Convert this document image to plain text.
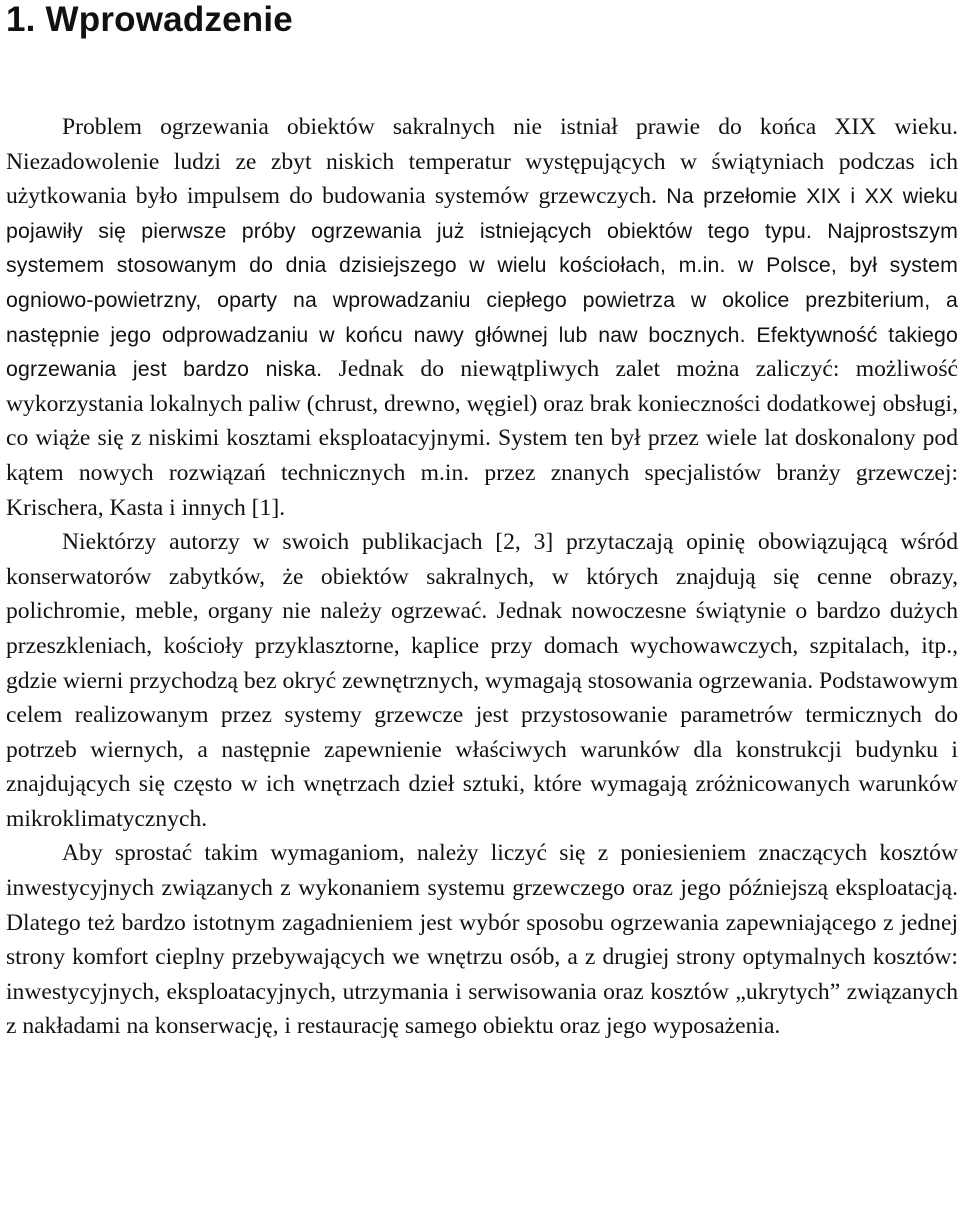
1. Wprowadzenie

Problem ogrzewania obiektów sakralnych nie istniał prawie do końca XIX wieku. Niezadowolenie ludzi ze zbyt niskich temperatur występujących w świątyniach podczas ich użytkowania było impulsem do budowania systemów grzewczych. Na przełomie XIX i XX wieku pojawiły się pierwsze próby ogrzewania już istniejących obiektów tego typu. Najprostszym systemem stosowanym do dnia dzisiejszego w wielu kościołach, m.in. w Polsce, był system ogniowo-powietrzny, oparty na wprowadzaniu ciepłego powietrza w okolice prezbiterium, a następnie jego odprowadzaniu w końcu nawy głównej lub naw bocznych. Efektywność takiego ogrzewania jest bardzo niska. Jednak do niewątpliwych zalet można zaliczyć: możliwość wykorzystania lokalnych paliw (chrust, drewno, węgiel) oraz brak konieczności dodatkowej obsługi, co wiąże się z niskimi kosztami eksploatacyjnymi. System ten był przez wiele lat doskonalony pod kątem nowych rozwiązań technicznych m.in. przez znanych specjalistów branży grzewczej: Krischera, Kasta i innych [1].

Niektórzy autorzy w swoich publikacjach [2, 3] przytaczają opinię obowiązującą wśród konserwatorów zabytków, że obiektów sakralnych, w których znajdują się cenne obrazy, polichromie, meble, organy nie należy ogrzewać. Jednak nowoczesne świątynie o bardzo dużych przeszkleniach, kościoły przyklasztorne, kaplice przy domach wychowawczych, szpitalach, itp., gdzie wierni przychodzą bez okryć zewnętrznych, wymagają stosowania ogrzewania. Podstawowym celem realizowanym przez systemy grzewcze jest przystosowanie parametrów termicznych do potrzeb wiernych, a następnie zapewnienie właściwych warunków dla konstrukcji budynku i znajdujących się często w ich wnętrzach dzieł sztuki, które wymagają zróżnicowanych warunków mikroklimatycznych.

Aby sprostać takim wymaganiom, należy liczyć się z poniesieniem znaczących kosztów inwestycyjnych związanych z wykonaniem systemu grzewczego oraz jego późniejszą eksploatacją. Dlatego też bardzo istotnym zagadnieniem jest wybór sposobu ogrzewania zapewniającego z jednej strony komfort cieplny przebywających we wnętrzu osób, a z drugiej strony optymalnych kosztów: inwestycyjnych, eksploatacyjnych, utrzymania i serwisowania oraz kosztów „ukrytych” związanych z nakładami na konserwację, i restaurację samego obiektu oraz jego wyposażenia.
